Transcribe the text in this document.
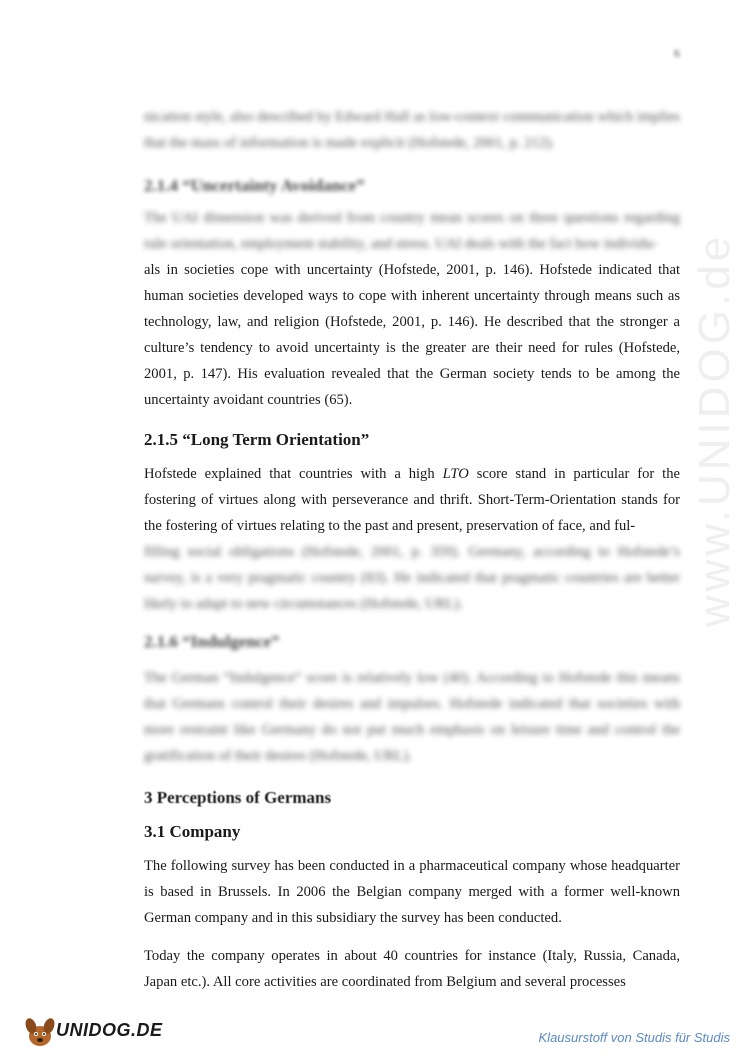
www.UNIDOG.de
6

nication style, also described by Edward Hall as low-context communication which implies that the mass of information is made explicit (Hofstede, 2001, p. 212).

2.1.4 “Uncertainty Avoidance”

The UAI dimension was derived from country mean scores on three questions regarding rule orientation, employment stability, and stress. UAI deals with the fact how individu-

als in societies cope with uncertainty (Hofstede, 2001, p. 146). Hofstede indicated that human societies developed ways to cope with inherent uncertainty through means such as technology, law, and religion (Hofstede, 2001, p. 146). He described that the stronger a culture’s tendency to avoid uncertainty is the greater are their need for rules (Hofstede, 2001, p. 147). His evaluation revealed that the German society tends to be among the uncertainty avoidant countries (65).

2.1.5 “Long Term Orientation”

Hofstede explained that countries with a high LTO score stand in particular for the fostering of virtues along with perseverance and thrift. Short-Term-Orientation stands for the fostering of virtues relating to the past and present, preservation of face, and ful-

filling social obligations (Hofstede, 2001, p. 359). Germany, according to Hofstede’s survey, is a very pragmatic country (83). He indicated that pragmatic countries are better likely to adapt to new circumstances (Hofstede, URL).

2.1.6 “Indulgence”

The German “Indulgence” score is relatively low (40). According to Hofstede this means that Germans control their desires and impulses. Hofstede indicated that societies with more restraint like Germany do not put much emphasis on leisure time and control the gratification of their desires (Hofstede, URL).

3 Perceptions of Germans
3.1 Company

The following survey has been conducted in a pharmaceutical company whose headquarter is based in Brussels. In 2006 the Belgian company merged with a former well-known German company and in this subsidiary the survey has been conducted.

Today the company operates in about 40 countries for instance (Italy, Russia, Canada, Japan etc.). All core activities are coordinated from Belgium and several processes

UNIDOG.DE	Klausurstoff von Studis für Studis
